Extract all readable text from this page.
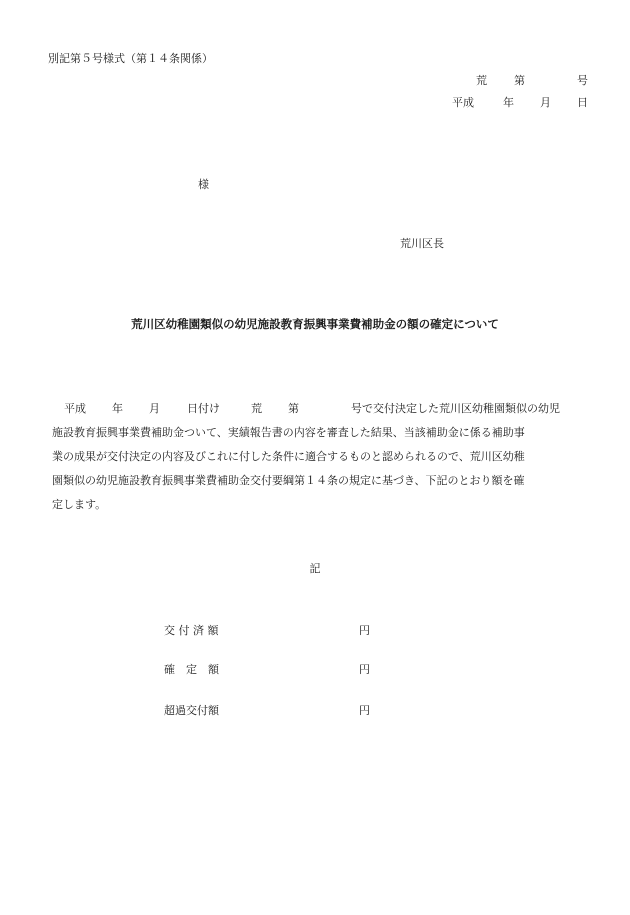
別記第５号様式（第１４条関係）
荒 第	号
平成	年 月 日
様
荒川区長
荒川区幼稚園類似の幼児施設教育振興事業費補助金の額の確定について
平成 年 月 日付け	荒 第	号で交付決定した荒川区幼稚園類似の幼児
施設教育振興事業費補助金ついて、実績報告書の内容を審査した結果、当該補助金に係る補助事
業の成果が交付決定の内容及びこれに付した条件に適合するものと認められるので、荒川区幼稚
園類似の幼児施設教育振興事業費補助金交付要綱第１４条の規定に基づき、下記のとおり額を確
定します。
記
交 付 済 額	円
確　定　額	円
超過交付額	円
